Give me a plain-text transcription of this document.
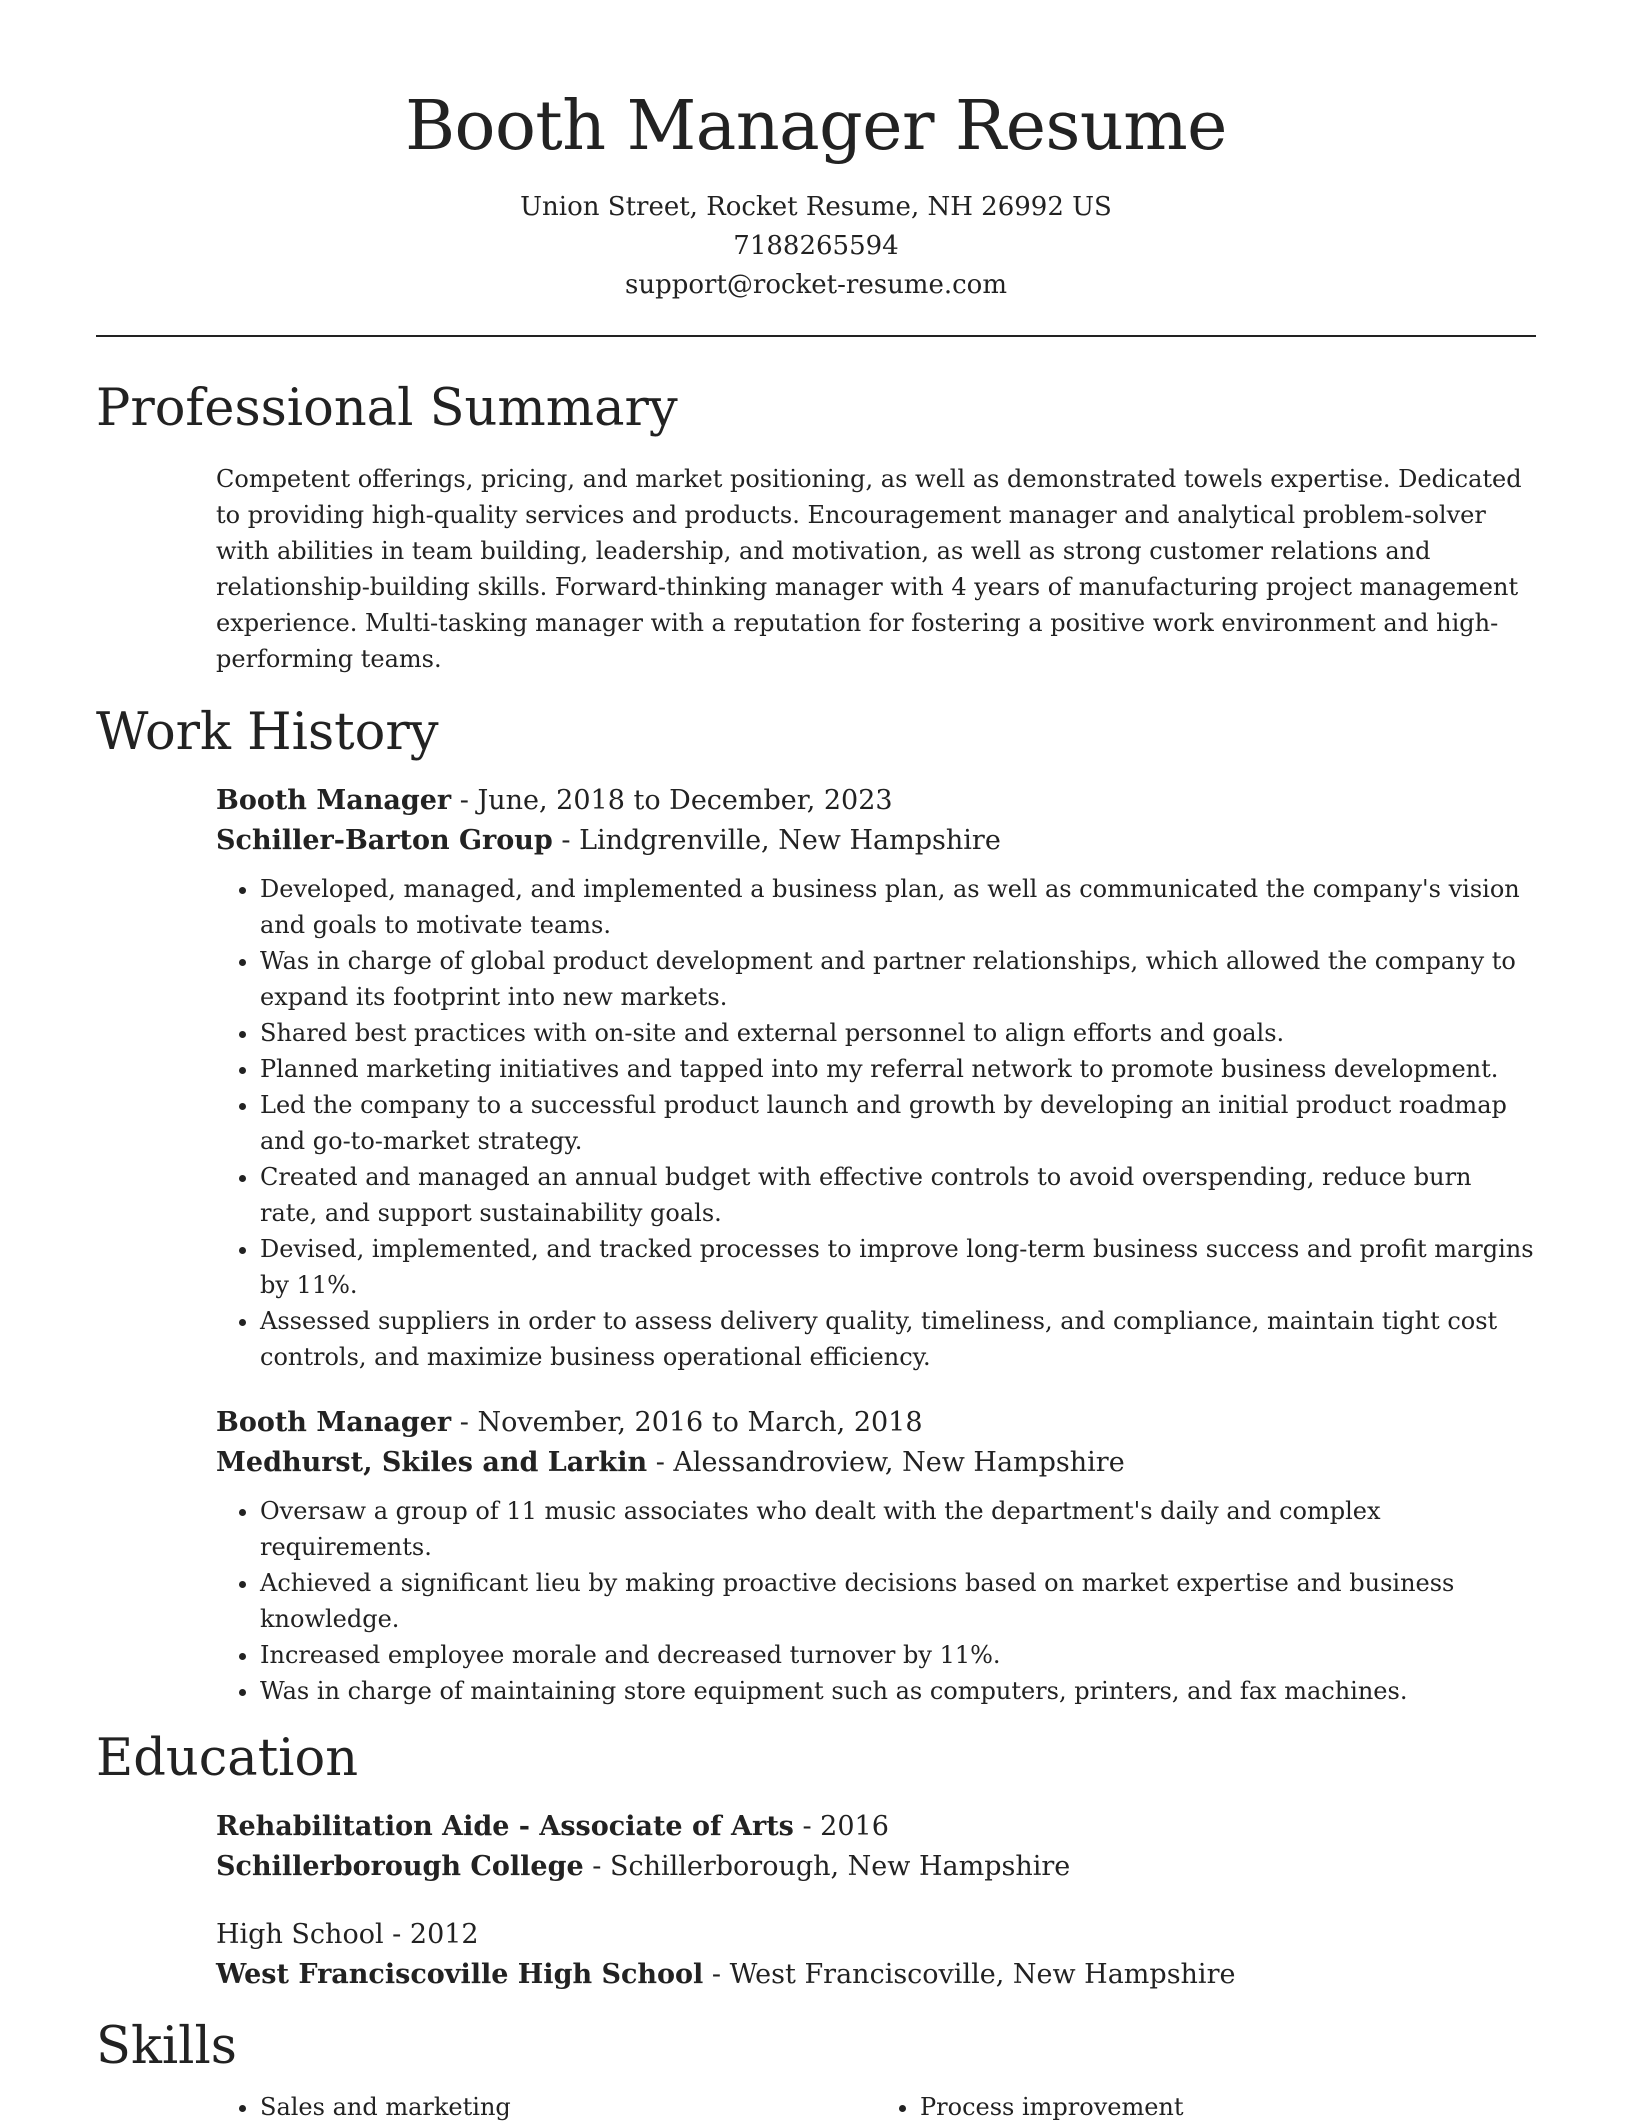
Booth Manager Resume
Union Street, Rocket Resume, NH 26992 US
7188265594
support@rocket-resume.com
Professional Summary

Competent offerings, pricing, and market positioning, as well as demonstrated towels expertise. Dedicated to providing high-quality services and products. Encouragement manager and analytical problem-solver with abilities in team building, leadership, and motivation, as well as strong customer relations and relationship-building skills. Forward-thinking manager with 4 years of manufacturing project management experience. Multi-tasking manager with a reputation for fostering a positive work environment and high-performing teams.

Work History
Booth Manager - June, 2018 to December, 2023
Schiller-Barton Group - Lindgrenville, New Hampshire
• Developed, managed, and implemented a business plan, as well as communicated the company's vision and goals to motivate teams.
• Was in charge of global product development and partner relationships, which allowed the company to expand its footprint into new markets.
• Shared best practices with on-site and external personnel to align efforts and goals.
• Planned marketing initiatives and tapped into my referral network to promote business development.
• Led the company to a successful product launch and growth by developing an initial product roadmap and go-to-market strategy.
• Created and managed an annual budget with effective controls to avoid overspending, reduce burn rate, and support sustainability goals.
• Devised, implemented, and tracked processes to improve long-term business success and profit margins by 11%.
• Assessed suppliers in order to assess delivery quality, timeliness, and compliance, maintain tight cost controls, and maximize business operational efficiency.
Booth Manager - November, 2016 to March, 2018
Medhurst, Skiles and Larkin - Alessandroview, New Hampshire
• Oversaw a group of 11 music associates who dealt with the department's daily and complex requirements.
• Achieved a significant lieu by making proactive decisions based on market expertise and business knowledge.
• Increased employee morale and decreased turnover by 11%.
• Was in charge of maintaining store equipment such as computers, printers, and fax machines.
Education
Rehabilitation Aide - Associate of Arts - 2016
Schillerborough College - Schillerborough, New Hampshire
High School - 2012
West Franciscoville High School - West Franciscoville, New Hampshire
Skills
• Sales and marketing
•	Process improvement
